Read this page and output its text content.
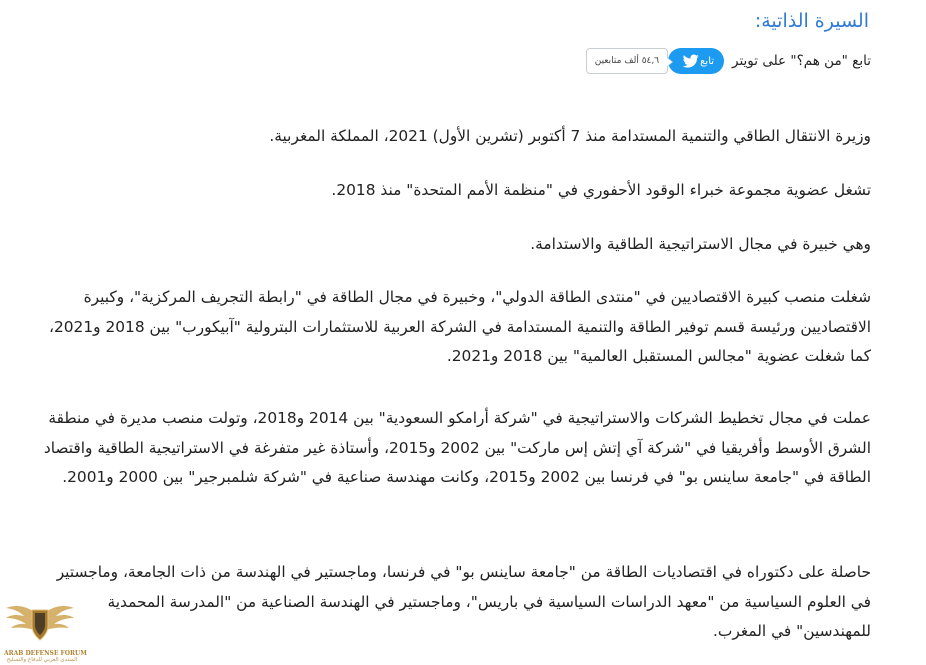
السيرة الذاتية:
تابع "من هم؟" على تويتر
تابع
٥٤,٦ ألف متابعين

وزيرة الانتقال الطاقي والتنمية المستدامة منذ 7 أكتوبر (تشرين الأول) 2021، المملكة المغربية.

تشغل عضوية مجموعة خبراء الوقود الأحفوري في "منظمة الأمم المتحدة" منذ 2018.

وهي خبيرة في مجال الاستراتيجية الطاقية والاستدامة.

شغلت منصب كبيرة الاقتصاديين في "منتدى الطاقة الدولي"، وخبيرة في مجال الطاقة في "رابطة التجريف المركزية"، وكبيرة الاقتصاديين ورئيسة قسم توفير الطاقة والتنمية المستدامة في الشركة العربية للاستثمارات البترولية "آبيكورب" بين 2018 و2021، كما شغلت عضوية "مجالس المستقبل العالمية" بين 2018 و2021.

عملت في مجال تخطيط الشركات والاستراتيجية في "شركة أرامكو السعودية" بين 2014 و2018، وتولت منصب مديرة في منطقة الشرق الأوسط وأفريقيا في "شركة آي إتش إس ماركت" بين 2002 و2015، وأستاذة غير متفرغة في الاستراتيجية الطاقية واقتصاد الطاقة في "جامعة ساينس بو" في فرنسا بين 2002 و2015، وكانت مهندسة صناعية في "شركة شلمبرجير" بين 2000 و2001.

حاصلة على دكتوراه في اقتصاديات الطاقة من "جامعة ساينس بو" في فرنسا، وماجستير في الهندسة من ذات الجامعة، وماجستير في العلوم السياسية من "معهد الدراسات السياسية في باريس"، وماجستير في الهندسة الصناعية من "المدرسة المحمدية للمهندسين" في المغرب.

ARAB DEFENSE FORUM
المنتدى العربي للدفاع والتسليح
